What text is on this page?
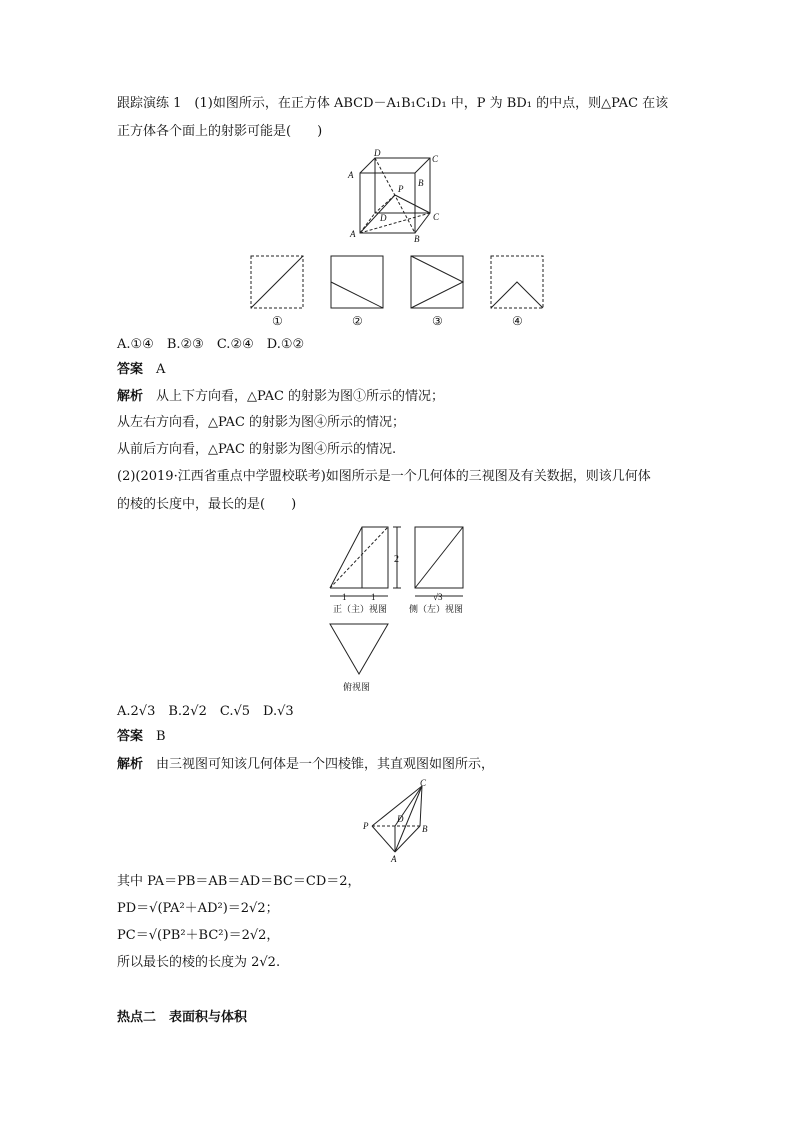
跟踪演练 1　(1)如图所示，在正方体 ABCD－A₁B₁C₁D₁ 中，P 为 BD₁ 的中点，则△PAC 在该
正方体各个面上的射影可能是(　　)
D
C
A
B
P
D	C
A	B
①	②	③	④
A.①④　B.②③　C.②④　D.①②
答案　 A
解析　 从上下方向看，△PAC 的射影为图①所示的情况；
从左右方向看，△PAC 的射影为图④所示的情况；
从前后方向看，△PAC 的射影为图④所示的情况.
(2)(2019·江西省重点中学盟校联考)如图所示是一个几何体的三视图及有关数据，则该几何体
的棱的长度中，最长的是(　　)
2
1	1
正（主）视图
√3
侧（左）视图
俯视图
A.2√3　B.2√2　C.√5　D.√3
答案　 B
解析　 由三视图可知该几何体是一个四棱锥，其直观图如图所示，
P
D
B
C
A
其中 PA＝PB＝AB＝AD＝BC＝CD＝2，
PD＝√(PA²＋AD²)＝2√2；
PC＝√(PB²＋BC²)＝2√2，
所以最长的棱的长度为 2√2.
热点二　表面积与体积
